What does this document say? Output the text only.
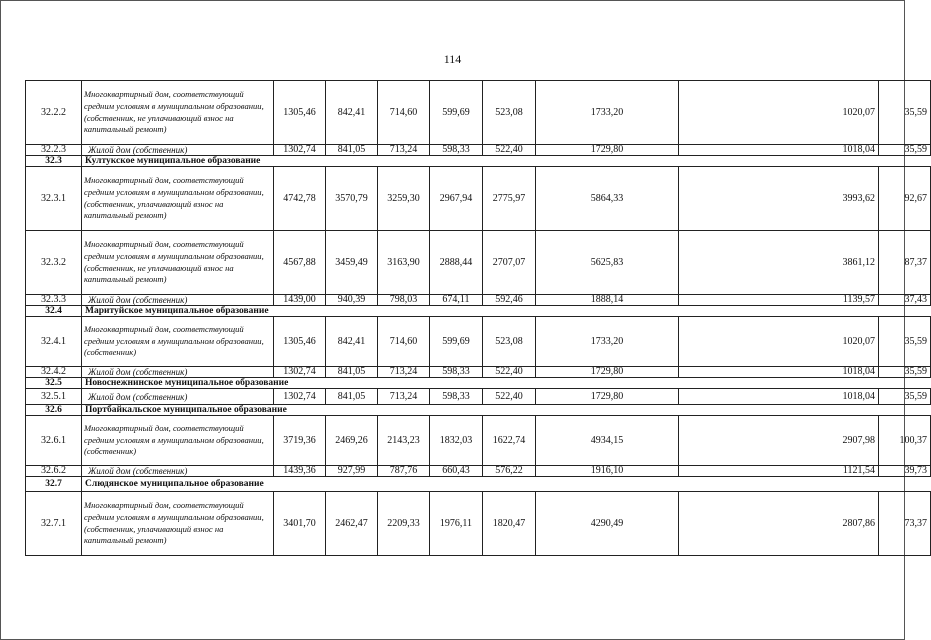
114
32.2.2	Многоквартирный дом, соответствующий средним условиям в муниципальном образовании, (собственник, не уплачивающий взнос на капитальный ремонт)	1305,46	842,41	714,60	599,69	523,08	1733,20	1020,07	35,59
32.2.3	Жилой дом (собственник)	1302,74	841,05	713,24	598,33	522,40	1729,80	1018,04	35,59
32.3	Култукское муниципальное образование								
32.3.1	Многоквартирный дом, соответствующий средним условиям в муниципальном образовании, (собственник, уплачивающий взнос на капитальный ремонт)	4742,78	3570,79	3259,30	2967,94	2775,97	5864,33	3993,62	92,67
32.3.2	Многоквартирный дом, соответствующий средним условиям в муниципальном образовании, (собственник, не уплачивающий взнос на капитальный ремонт)	4567,88	3459,49	3163,90	2888,44	2707,07	5625,83	3861,12	87,37
32.3.3	Жилой дом (собственник)	1439,00	940,39	798,03	674,11	592,46	1888,14	1139,57	37,43
32.4	Маритуйское муниципальное образование								
32.4.1	Многоквартирный дом, соответствующий средним условиям в муниципальном образовании, (собственник)	1305,46	842,41	714,60	599,69	523,08	1733,20	1020,07	35,59
32.4.2	Жилой дом (собственник)	1302,74	841,05	713,24	598,33	522,40	1729,80	1018,04	35,59
32.5	Новоснежнинское муниципальное образование								
32.5.1	Жилой дом (собственник)	1302,74	841,05	713,24	598,33	522,40	1729,80	1018,04	35,59
32.6	Портбайкальское муниципальное образование								
32.6.1	Многоквартирный дом, соответствующий средним условиям в муниципальном образовании, (собственник)	3719,36	2469,26	2143,23	1832,03	1622,74	4934,15	2907,98	100,37
32.6.2	Жилой дом (собственник)	1439,36	927,99	787,76	660,43	576,22	1916,10	1121,54	39,73
32.7	Слюдянское муниципальное образование								
32.7.1	Многоквартирный дом, соответствующий средним условиям в муниципальном образовании, (собственник, уплачивающий взнос на капитальный ремонт)	3401,70	2462,47	2209,33	1976,11	1820,47	4290,49	2807,86	73,37
